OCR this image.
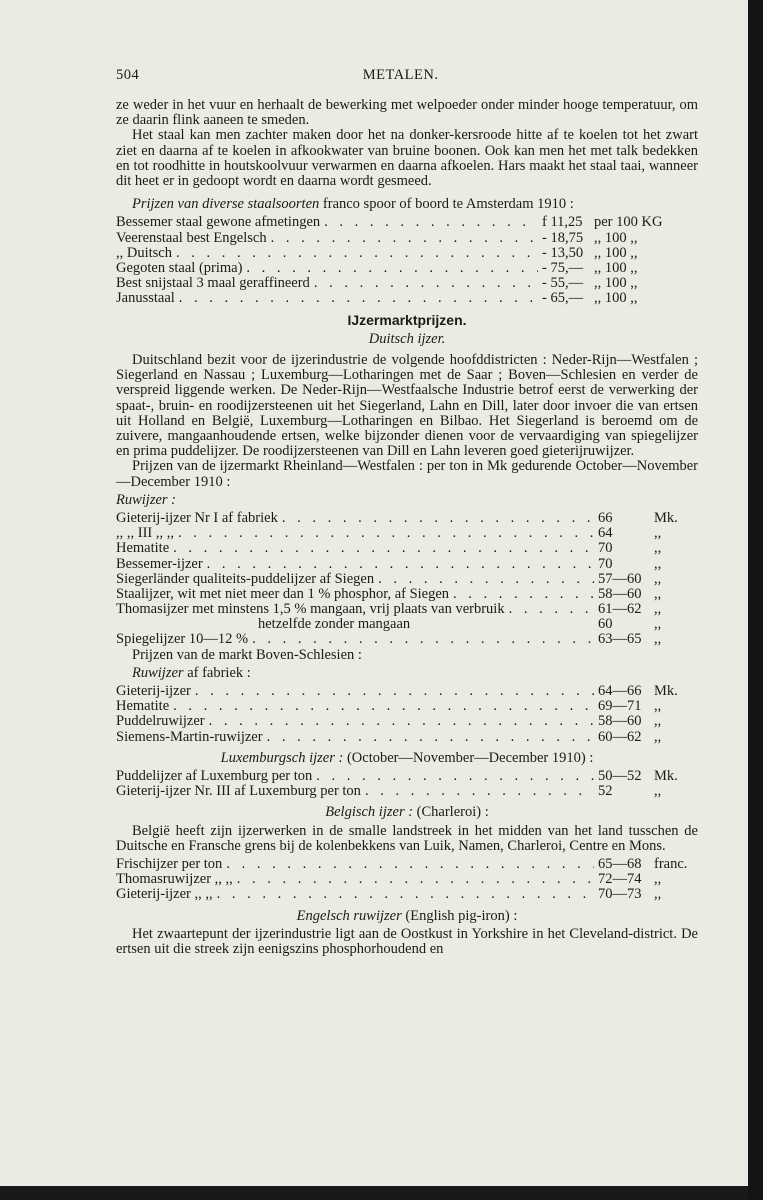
504	METALEN.

ze weder in het vuur en herhaalt de bewerking met welpoeder onder minder hooge temperatuur, om ze daarin flink aaneen te smeden.

Het staal kan men zachter maken door het na donker-kersroode hitte af te koelen tot het zwart ziet en daarna af te koelen in afkookwater van bruine boonen. Ook kan men het met talk bedekken en tot roodhitte in houtskoolvuur verwarmen en daarna afkoelen. Hars maakt het staal taai, wanneer dit heet er in gedoopt wordt en daarna wordt gesmeed.

Prijzen van diverse staalsoorten franco spoor of boord te Amsterdam 1910 :

Bessemer staal gewone afmetingen . . .	f 11,25 per 100 KG
Veerenstaal best Engelsch . . .	- 18,75 ,, 100 ,,
,, Duitsch . . .	- 13,50 ,, 100 ,,
Gegoten staal (prima) . . .	- 75,— ,, 100 ,,
Best snijstaal 3 maal geraffineerd . . .	- 55,— ,, 100 ,,
Janusstaal . . .	- 65,— ,, 100 ,,

IJzermarktprijzen.

Duitsch ijzer.

Duitschland bezit voor de ijzerindustrie de volgende hoofddistricten : Neder-Rijn—Westfalen ; Siegerland en Nassau ; Luxemburg—Lotharingen met de Saar ; Boven—Schlesien en verder de verspreid liggende werken. De Neder-Rijn—Westfaalsche Industrie betrof eerst de verwerking der spaat-, bruin- en roodijzersteenen uit het Siegerland, Lahn en Dill, later door invoer die van ertsen uit Holland en België, Luxemburg—Lotharingen en Bilbao. Het Siegerland is beroemd om de zuivere, mangaanhoudende ertsen, welke bijzonder dienen voor de vervaardiging van spiegelijzer en prima puddelijzer. De roodijzersteenen van Dill en Lahn leveren goed gieterijruwijzer.

Prijzen van de ijzermarkt Rheinland—Westfalen : per ton in Mk gedurende October—November—December 1910 :

Ruwijzer :

Gieterij-ijzer Nr I af fabriek . . .	66	Mk.
,, ,, III ,, ,, . . .	64	,,
Hematite . . .	70	,,
Bessemer-ijzer . . .	70	,,
Siegerländer qualiteits-puddelijzer af Siegen . . .	57—60 ,,
Staalijzer, wit met niet meer dan 1 % phosphor, af Siegen . . .	58—60 ,,
Thomasijzer met minstens 1,5 % mangaan, vrij plaats van verbruik . . .	61—62 ,,
hetzelfde zonder mangaan	60	,,
Spiegelijzer 10—12 % . . .	63—65 ,,

Prijzen van de markt Boven-Schlesien :

Ruwijzer af fabriek :

Gieterij-ijzer . . .	64—66 Mk.
Hematite . . .	69—71 ,,
Puddelruwijzer . . .	58—60 ,,
Siemens-Martin-ruwijzer . . .	60—62 ,,

Luxemburgsch ijzer : (October—November—December 1910) :

Puddelijzer af Luxemburg per ton . . .	50—52 Mk.
Gieterij-ijzer Nr. III af Luxemburg per ton . . .	52	,,

Belgisch ijzer : (Charleroi) :

België heeft zijn ijzerwerken in de smalle landstreek in het midden van het land tusschen de Duitsche en Fransche grens bij de kolenbekkens van Luik, Namen, Charleroi, Centre en Mons.

Frischijzer per ton . . .	65—68 franc.
Thomasruwijzer ,, ,, . . .	72—74 ,,
Gieterij-ijzer ,, ,, . . .	70—73 ,,

Engelsch ruwijzer (English pig-iron) :

Het zwaartepunt der ijzerindustrie ligt aan de Oostkust in Yorkshire in het Cleveland-district. De ertsen uit die streek zijn eenigszins phosphorhoudend en
